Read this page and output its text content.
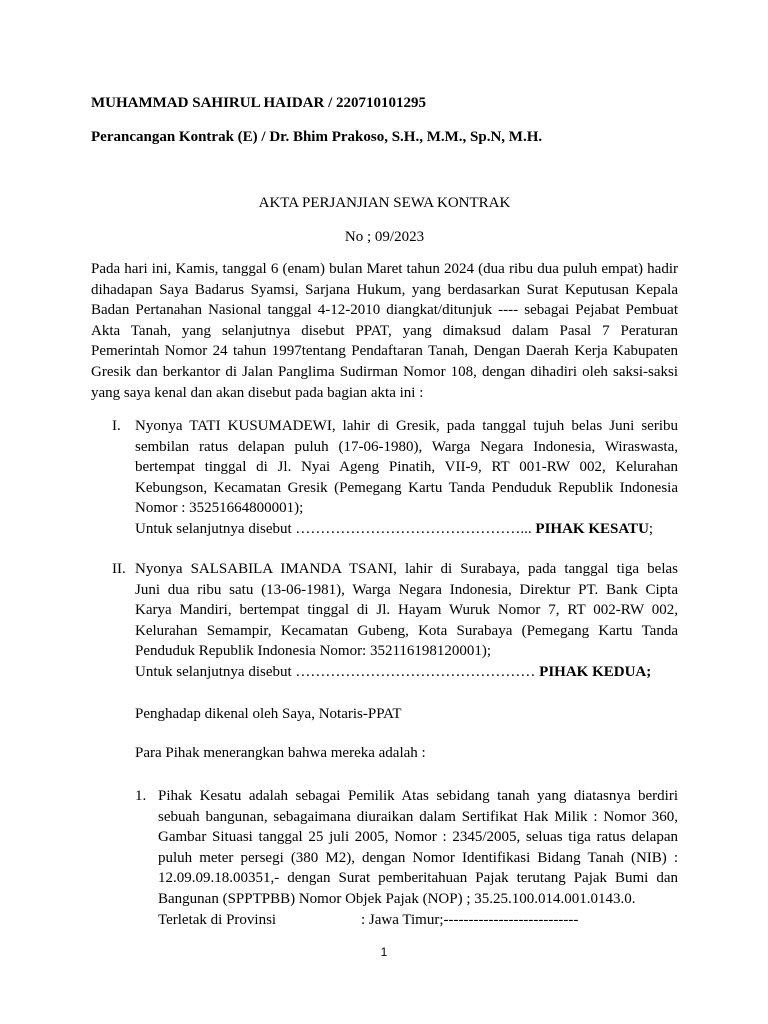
MUHAMMAD SAHIRUL HAIDAR / 220710101295
Perancangan Kontrak (E) / Dr. Bhim Prakoso, S.H., M.M., Sp.N, M.H.
AKTA PERJANJIAN SEWA KONTRAK
No ; 09/2023
Pada hari ini, Kamis, tanggal 6 (enam) bulan Maret tahun 2024 (dua ribu dua puluh empat) hadir
dihadapan Saya Badarus Syamsi, Sarjana Hukum, yang berdasarkan Surat Keputusan Kepala
Badan Pertanahan Nasional tanggal 4-12-2010 diangkat/ditunjuk ---- sebagai Pejabat Pembuat
Akta Tanah, yang selanjutnya disebut PPAT, yang dimaksud dalam Pasal 7 Peraturan
Pemerintah Nomor 24 tahun 1997tentang Pendaftaran Tanah, Dengan Daerah Kerja Kabupaten
Gresik dan berkantor di Jalan Panglima Sudirman Nomor 108, dengan dihadiri oleh saksi-saksi
yang saya kenal dan akan disebut pada bagian akta ini :
I. Nyonya TATI KUSUMADEWI, lahir di Gresik, pada tanggal tujuh belas Juni seribu
sembilan ratus delapan puluh (17-06-1980), Warga Negara Indonesia, Wiraswasta,
bertempat tinggal di Jl. Nyai Ageng Pinatih, VII-9, RT 001-RW 002, Kelurahan
Kebungson, Kecamatan Gresik (Pemegang Kartu Tanda Penduduk Republik Indonesia
Nomor : 35251664800001);
Untuk selanjutnya disebut ………………………………………... PIHAK KESATU;
II. Nyonya SALSABILA IMANDA TSANI, lahir di Surabaya, pada tanggal tiga belas
Juni dua ribu satu (13-06-1981), Warga Negara Indonesia, Direktur PT. Bank Cipta
Karya Mandiri, bertempat tinggal di Jl. Hayam Wuruk Nomor 7, RT 002-RW 002,
Kelurahan Semampir, Kecamatan Gubeng, Kota Surabaya (Pemegang Kartu Tanda
Penduduk Republik Indonesia Nomor: 352116198120001);
Untuk selanjutnya disebut ………………………………………… PIHAK KEDUA;
Penghadap dikenal oleh Saya, Notaris-PPAT
Para Pihak menerangkan bahwa mereka adalah :
1. Pihak Kesatu adalah sebagai Pemilik Atas sebidang tanah yang diatasnya berdiri
sebuah bangunan, sebagaimana diuraikan dalam Sertifikat Hak Milik : Nomor 360,
Gambar Situasi tanggal 25 juli 2005, Nomor : 2345/2005, seluas tiga ratus delapan
puluh meter persegi (380 M2), dengan Nomor Identifikasi Bidang Tanah (NIB) :
12.09.09.18.00351,- dengan Surat pemberitahuan Pajak terutang Pajak Bumi dan
Bangunan (SPPTPBB) Nomor Objek Pajak (NOP) ; 35.25.100.014.001.0143.0.
Terletak di Provinsi	: Jawa Timur;---------------------------
1
